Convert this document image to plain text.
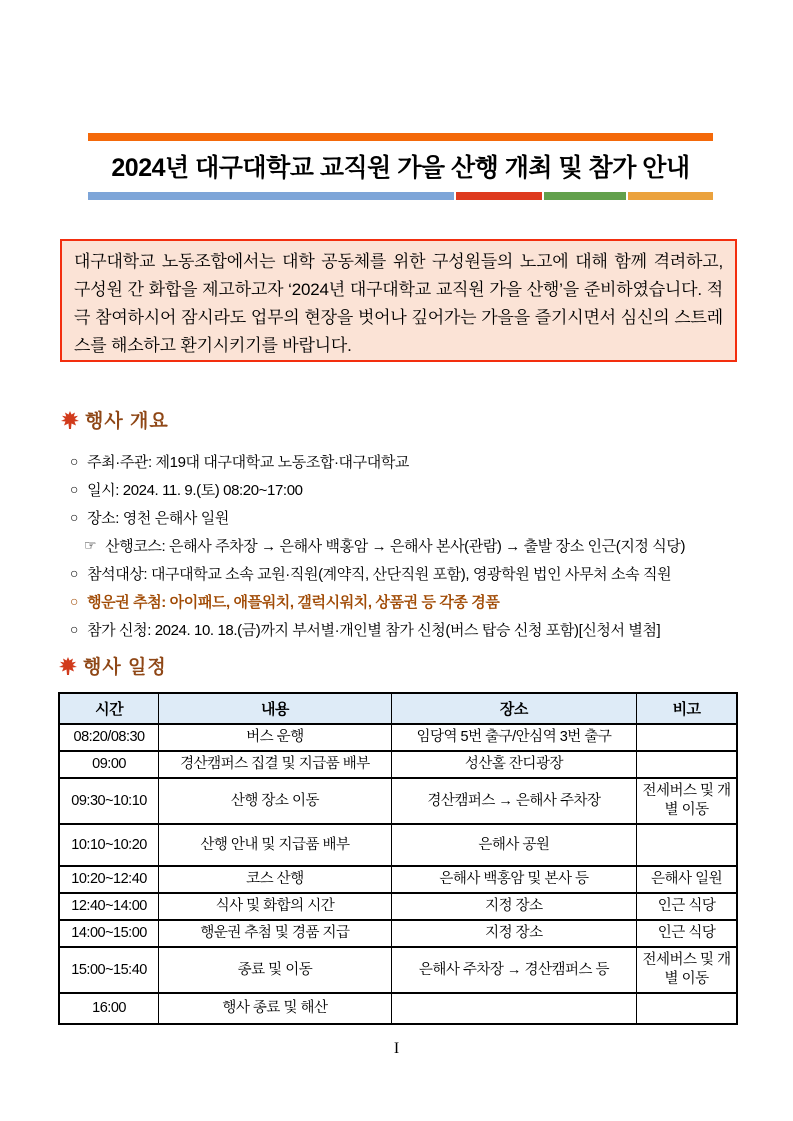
2024년 대구대학교 교직원 가을 산행 개최 및 참가 안내

대구대학교 노동조합에서는 대학 공동체를 위한 구성원들의 노고에 대해 함께 격려하고, 구성원 간 화합을 제고하고자 ‘2024년 대구대학교 교직원 가을 산행’을 준비하였습니다. 적극 참여하시어 잠시라도 업무의 현장을 벗어나 깊어가는 가을을 즐기시면서 심신의 스트레스를 해소하고 환기시키기를 바랍니다.

행사 개요
○ 주최·주관: 제19대 대구대학교 노동조합·대구대학교
○ 일시: 2024. 11. 9.(토) 08:20~17:00
○ 장소: 영천 은해사 일원
☞ 산행코스: 은해사 주차장 → 은해사 백홍암 → 은해사 본사(관람) → 출발 장소 인근(지정 식당)
○ 참석대상: 대구대학교 소속 교원·직원(계약직, 산단직원 포함), 영광학원 법인 사무처 소속 직원
○ 행운권 추첨: 아이패드, 애플워치, 갤럭시워치, 상품권 등 각종 경품
○ 참가 신청: 2024. 10. 18.(금)까지 부서별·개인별 참가 신청(버스 탑승 신청 포함)[신청서 별첨]
행사 일정
시간	내용	장소	비고
08:20/08:30	버스 운행	임당역 5번 출구/안심역 3번 출구	
09:00	경산캠퍼스 집결 및 지급품 배부	성산홀 잔디광장	
09:30~10:10	산행 장소 이동	경산캠퍼스 → 은해사 주차장	전세버스 및 개별 이동
10:10~10:20	산행 안내 및 지급품 배부	은해사 공원	
10:20~12:40	코스 산행	은해사 백홍암 및 본사 등	은해사 일원
12:40~14:00	식사 및 화합의 시간	지정 장소	인근 식당
14:00~15:00	행운권 추첨 및 경품 지급	지정 장소	인근 식당
15:00~15:40	종료 및 이동	은해사 주차장 → 경산캠퍼스 등	전세버스 및 개별 이동
16:00	행사 종료 및 해산		
I
